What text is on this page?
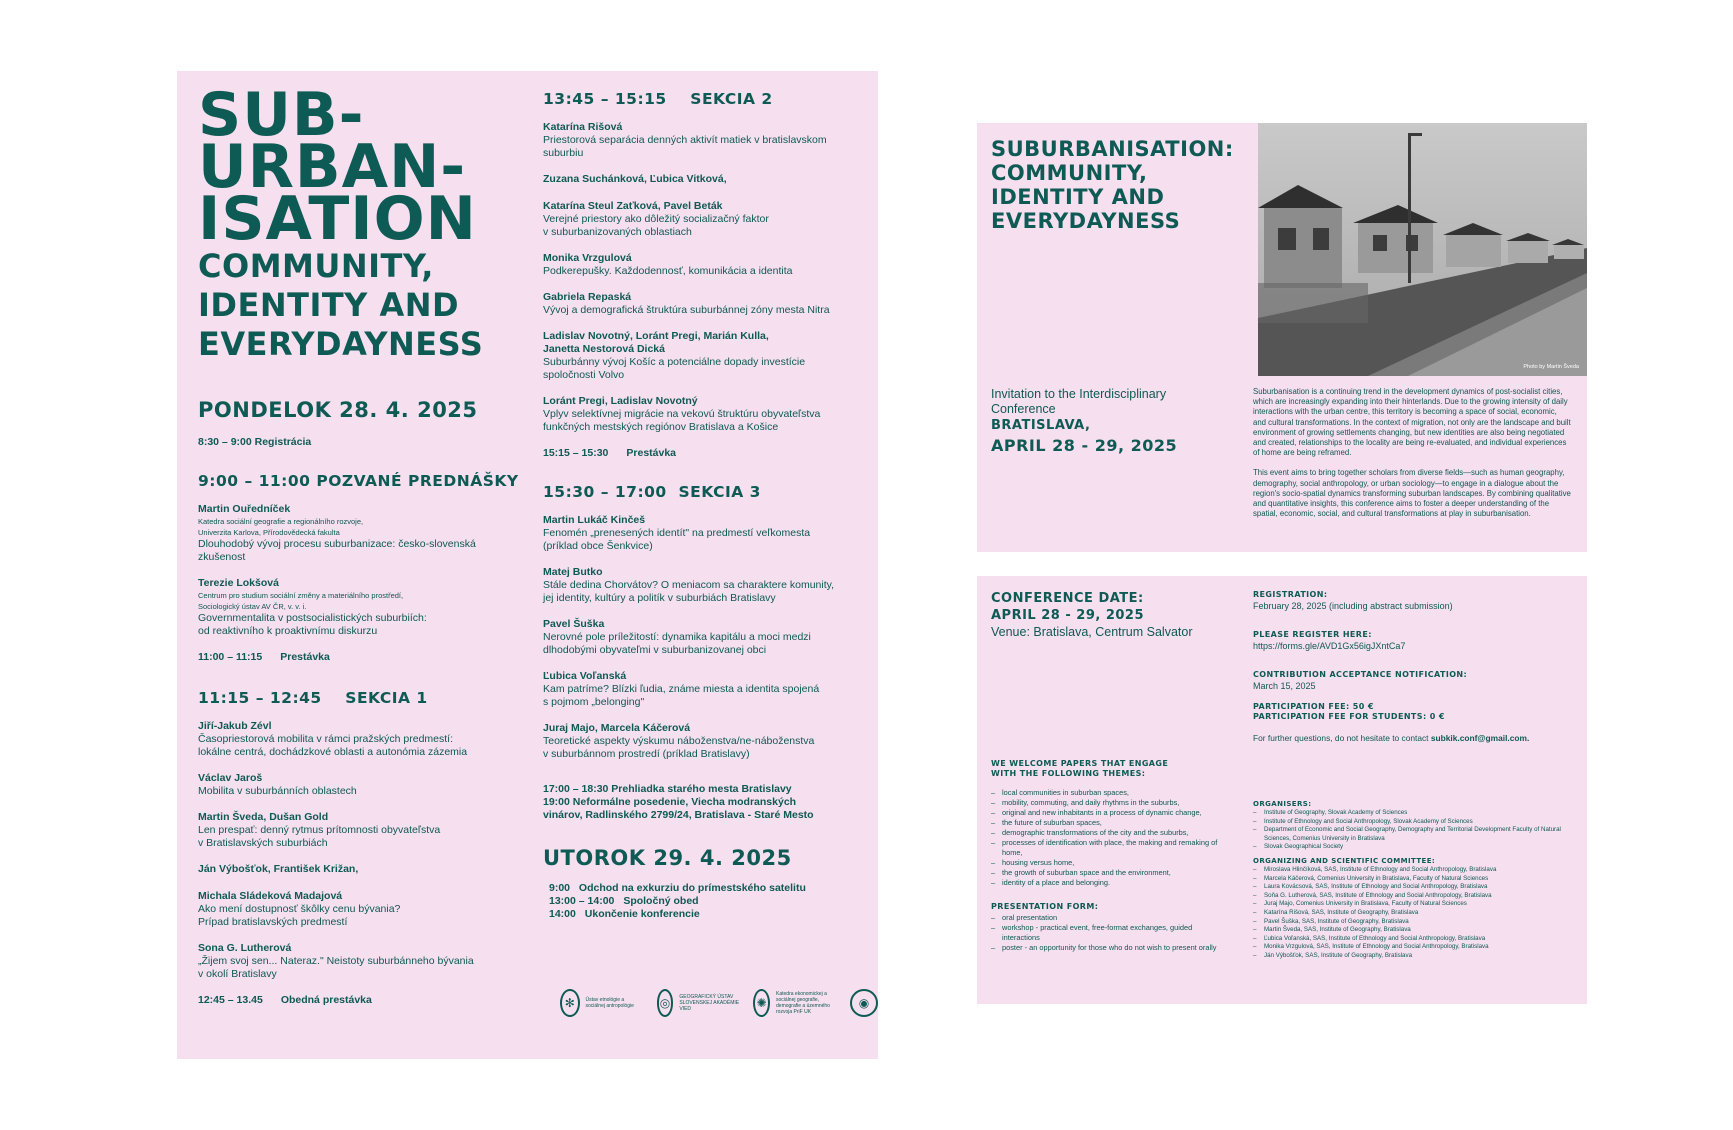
SUB-
URBAN-
ISATION
COMMUNITY,
IDENTITY AND
EVERYDAYNESS
PONDELOK 28. 4. 2025
8:30 – 9:00 Registrácia
9:00 – 11:00 POZVANÉ PREDNÁŠKY
Martin Ouředníček
Katedra sociální geografie a regionálního rozvoje,
Univerzita Karlova, Přírodovědecká fakulta
Dlouhodobý vývoj procesu suburbanizace: česko-slovenská
zkušenost
Terezie Lokšová
Centrum pro studium sociální změny a materiálního prostředí,
Sociologický ústav AV ČR, v. v. i.
Governmentalita v postsocialistických suburbiích:
od reaktivního k proaktivnímu diskurzu
11:00 – 11:15 Prestávka
11:15 – 12:45    SEKCIA 1
Jiří-Jakub Zévl
Časopriestorová mobilita v rámci pražských predmestí:
lokálne centrá, dochádzkové oblasti a autonómia zázemia
Václav Jaroš
Mobilita v suburbánních oblastech
Martin Šveda, Dušan Gold
Len prespať: denný rytmus prítomnosti obyvateľstva
v Bratislavských suburbiách
Ján Výbošťok, František Križan,
Michala Sládeková Madajová
Ako mení dostupnosť škôlky cenu bývania?
Prípad bratislavských predmestí
Sona G. Lutherová
„Žijem svoj sen... Nateraz." Neistoty suburbánneho bývania
v okolí Bratislavy
12:45 – 13.45 Obedná prestávka
13:45 – 15:15    SEKCIA 2
Katarína Rišová
Priestorová separácia denných aktivít matiek v bratislavskom
suburbiu
Zuzana Suchánková, Ľubica Vitková,
Katarína Steul Zaťková, Pavel Beták
Verejné priestory ako dôležitý socializačný faktor
v suburbanizovaných oblastiach
Monika Vrzgulová
Podkerepušky. Každodennosť, komunikácia a identita
Gabriela Repaská
Vývoj a demografická štruktúra suburbánnej zóny mesta Nitra
Ladislav Novotný, Loránt Pregi, Marián Kulla,
Janetta Nestorová Dická
Suburbánny vývoj Košíc a potenciálne dopady investície
spoločnosti Volvo
Loránt Pregi, Ladislav Novotný
Vplyv selektívnej migrácie na vekovú štruktúru obyvateľstva
funkčných mestských regiónov Bratislava a Košice
15:15 – 15:30 Prestávka
15:30 – 17:00  SEKCIA 3
Martin Lukáč Kinčeš
Fenomén „prenesených identít" na predmestí veľkomesta
(príklad obce Šenkvice)
Matej Butko
Stále dedina Chorvátov? O meniacom sa charaktere komunity,
jej identity, kultúry a politík v suburbiách Bratislavy
Pavel Šuška
Nerovné pole príležitostí: dynamika kapitálu a moci medzi
dlhodobými obyvateľmi v suburbanizovanej obci
Ľubica Voľanská
Kam patríme? Blízki ľudia, známe miesta a identita spojená
s pojmom „belonging"
Juraj Majo, Marcela Káčerová
Teoretické aspekty výskumu náboženstva/ne-náboženstva
v suburbánnom prostredí (príklad Bratislavy)
17:00 – 18:30 Prehliadka starého mesta Bratislavy
19:00 Neformálne posedenie, Viecha modranských
vinárov, Radlinského 2799/24, Bratislava - Staré Mesto
UTOROK 29. 4. 2025
9:00 Odchod na exkurziu do prímestského satelitu
13:00 – 14:00 Spoločný obed
14:00 Ukončenie konferencie
✻	Ústav etnológie a sociálnej antropológie	◎	GEOGRAFICKÝ ÚSTAV SLOVENSKEJ AKADÉMIE VIED	✺
Katedra ekonomickej a sociálnej geografie, demografie a územného rozvoja PriF UK
◉
SUBURBANISATION:
COMMUNITY,
IDENTITY AND
EVERYDAYNESS
Invitation to the Interdisciplinary
Conference
BRATISLAVA,
APRIL 28 - 29, 2025
Photo by Martin Šveda

Suburbanisation is a continuing trend in the development dynamics of post-socialist cities, which are increasingly expanding into their hinterlands. Due to the growing intensity of daily interactions with the urban centre, this territory is becoming a space of social, economic, and cultural transformations. In the context of migration, not only are the landscape and built environment of growing settlements changing, but new identities are also being negotiated and created, relationships to the locality are being re-evaluated, and individual experiences of home are being reframed.

This event aims to bring together scholars from diverse fields—such as human geography, demography, social anthropology, or urban sociology—to engage in a dialogue about the region's socio-spatial dynamics transforming suburban landscapes. By combining qualitative and quantitative insights, this conference aims to foster a deeper understanding of the spatial, economic, social, and cultural transformations at play in suburbanisation.

CONFERENCE DATE:
APRIL 28 - 29, 2025
Venue: Bratislava, Centrum Salvator
WE WELCOME PAPERS THAT ENGAGE
WITH THE FOLLOWING THEMES:
– local communities in suburban spaces,
– mobility, commuting, and daily rhythms in the suburbs,
– original and new inhabitants in a process of dynamic change,
– the future of suburban spaces,
– demographic transformations of the city and the suburbs,
– processes of identification with place, the making and remaking of home,
– housing versus home,
– the growth of suburban space and the environment,
– identity of a place and belonging.
PRESENTATION FORM:
– oral presentation
– workshop - practical event, free-format exchanges, guided interactions
– poster - an opportunity for those who do not wish to present orally
REGISTRATION:
February 28, 2025 (including abstract submission)
PLEASE REGISTER HERE:
https://forms.gle/AVD1Gx56igJXntCa7
CONTRIBUTION ACCEPTANCE NOTIFICATION:
March 15, 2025
PARTICIPATION FEE: 50 €
PARTICIPATION FEE FOR STUDENTS: 0 €
For further questions, do not hesitate to contact subkik.conf@gmail.com.
ORGANISERS:
– Institute of Geography, Slovak Academy of Sciences
– Institute of Ethnology and Social Anthropology, Slovak Academy of Sciences
– Department of Economic and Social Geography, Demography and Territorial Development Faculty of Natural Sciences, Comenius University in Bratislava
– Slovak Geographical Society
ORGANIZING AND SCIENTIFIC COMMITTEE:
– Miroslava Hlinčíková, SAS, Institute of Ethnology and Social Anthropology, Bratislava
– Marcela Káčerová, Comenius University in Bratislava, Faculty of Natural Sciences
– Laura Kovácsová, SAS, Institute of Ethnology and Social Anthropology, Bratislava
– Soňa G. Lutherová, SAS, Institute of Ethnology and Social Anthropology, Bratislava
– Juraj Majo, Comenius University in Bratislava, Faculty of Natural Sciences
– Katarína Rišová, SAS, Institute of Geography, Bratislava
– Pavel Šuška, SAS, Institute of Geography, Bratislava
– Martin Šveda, SAS, Institute of Geography, Bratislava
– Ľubica Voľanská, SAS, Institute of Ethnology and Social Anthropology, Bratislava
– Monika Vrzgulová, SAS, Institute of Ethnology and Social Anthropology, Bratislava
– Ján Výbošťok, SAS, Institute of Geography, Bratislava
